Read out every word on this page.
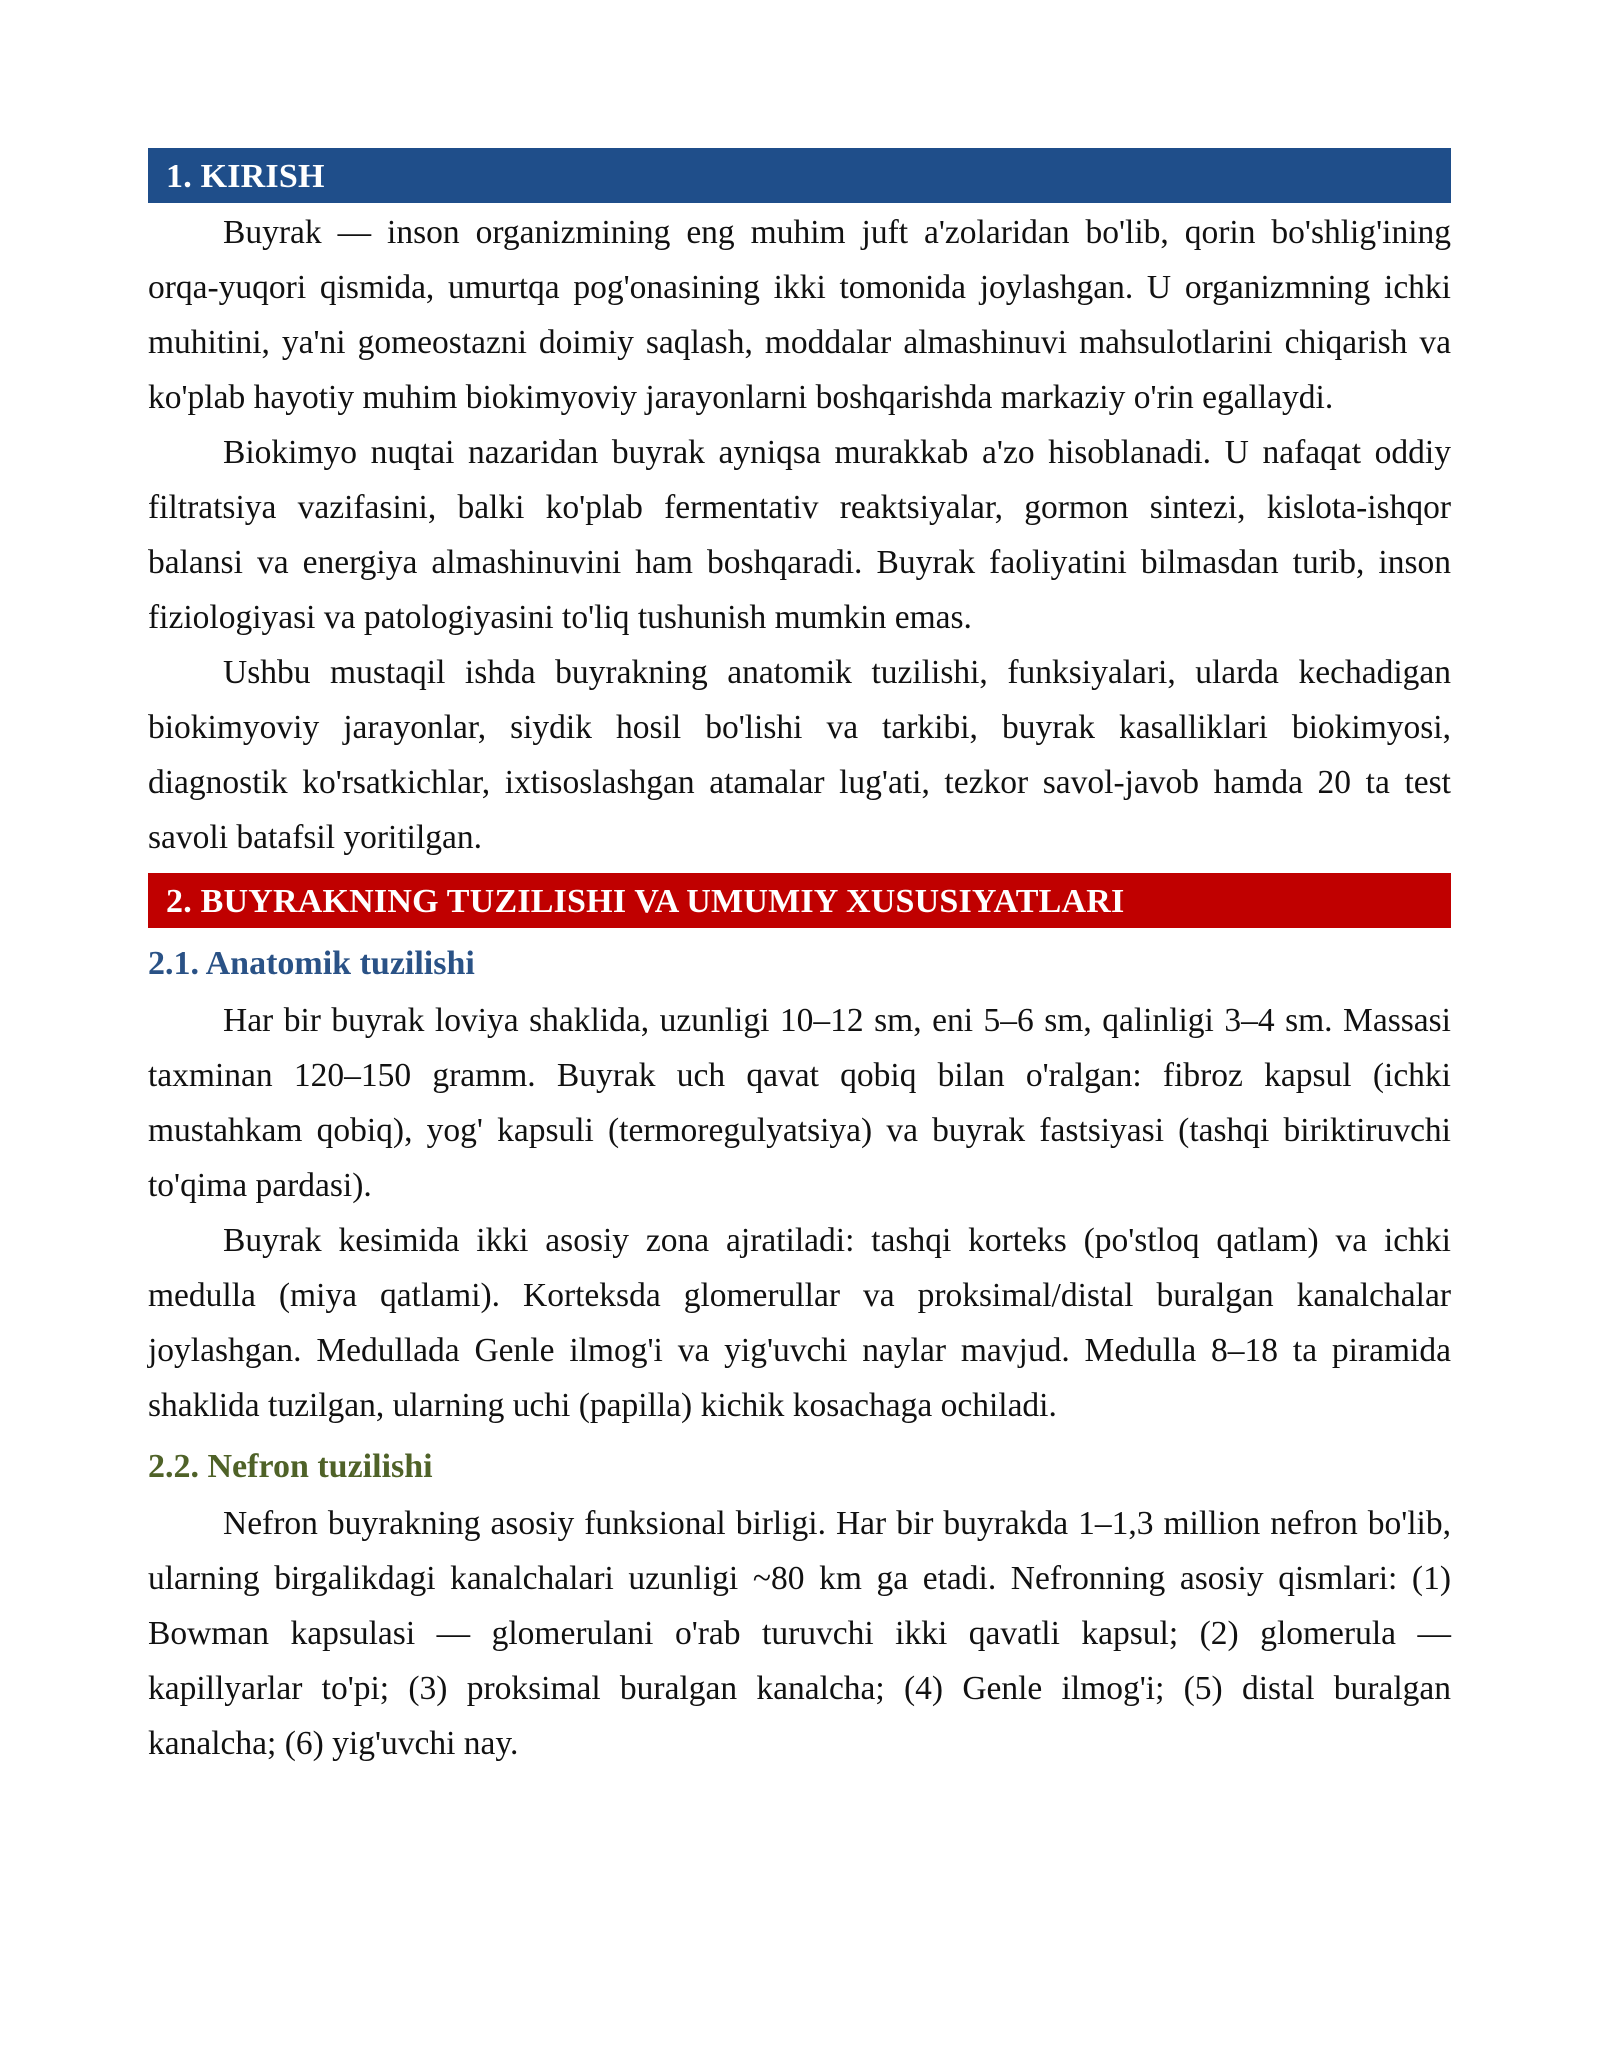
1. KIRISH

Buyrak — inson organizmining eng muhim juft a'zolaridan bo'lib, qorin bo'shlig'ining orqa-yuqori qismida, umurtqa pog'onasining ikki tomonida joylashgan. U organizmning ichki muhitini, ya'ni gomeostazni doimiy saqlash, moddalar almashinuvi mahsulotlarini chiqarish va ko'plab hayotiy muhim biokimyoviy jarayonlarni boshqarishda markaziy o'rin egallaydi.

Biokimyo nuqtai nazaridan buyrak ayniqsa murakkab a'zo hisoblanadi. U nafaqat oddiy filtratsiya vazifasini, balki ko'plab fermentativ reaktsiyalar, gormon sintezi, kislota-ishqor balansi va energiya almashinuvini ham boshqaradi. Buyrak faoliyatini bilmasdan turib, inson fiziologiyasi va patologiyasini to'liq tushunish mumkin emas.

Ushbu mustaqil ishda buyrakning anatomik tuzilishi, funksiyalari, ularda kechadigan biokimyoviy jarayonlar, siydik hosil bo'lishi va tarkibi, buyrak kasalliklari biokimyosi, diagnostik ko'rsatkichlar, ixtisoslashgan atamalar lug'ati, tezkor savol-javob hamda 20 ta test savoli batafsil yoritilgan.

2. BUYRAKNING TUZILISHI VA UMUMIY XUSUSIYATLARI
2.1. Anatomik tuzilishi

Har bir buyrak loviya shaklida, uzunligi 10–12 sm, eni 5–6 sm, qalinligi 3–4 sm. Massasi taxminan 120–150 gramm. Buyrak uch qavat qobiq bilan o'ralgan: fibroz kapsul (ichki mustahkam qobiq), yog' kapsuli (termoregulyatsiya) va buyrak fastsiyasi (tashqi biriktiruvchi to'qima pardasi).

Buyrak kesimida ikki asosiy zona ajratiladi: tashqi korteks (po'stloq qatlam) va ichki medulla (miya qatlami). Korteksda glomerullar va proksimal/distal buralgan kanalchalar joylashgan. Medullada Genle ilmog'i va yig'uvchi naylar mavjud. Medulla 8–18 ta piramida shaklida tuzilgan, ularning uchi (papilla) kichik kosachaga ochiladi.

2.2. Nefron tuzilishi

Nefron buyrakning asosiy funksional birligi. Har bir buyrakda 1–1,3 million nefron bo'lib, ularning birgalikdagi kanalchalari uzunligi ~80 km ga etadi. Nefronning asosiy qismlari: (1) Bowman kapsulasi — glomerulani o'rab turuvchi ikki qavatli kapsul; (2) glomerula — kapillyarlar to'pi; (3) proksimal buralgan kanalcha; (4) Genle ilmog'i; (5) distal buralgan kanalcha; (6) yig'uvchi nay.
